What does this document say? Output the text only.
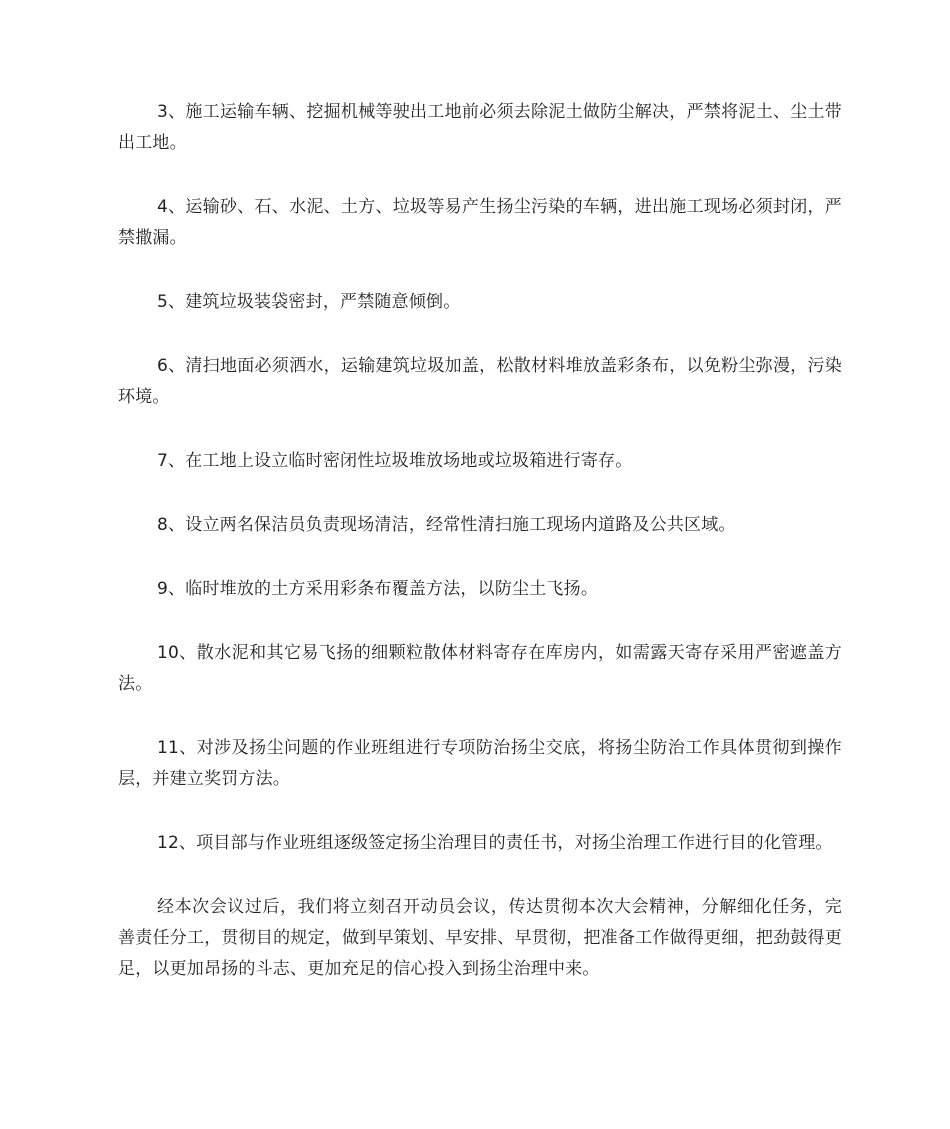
3、施工运输车辆、挖掘机械等驶出工地前必须去除泥土做防尘解决，严禁将泥土、尘土带出工地。

4、运输砂、石、水泥、土方、垃圾等易产生扬尘污染的车辆，进出施工现场必须封闭，严禁撒漏。

5、建筑垃圾装袋密封，严禁随意倾倒。

6、清扫地面必须洒水，运输建筑垃圾加盖，松散材料堆放盖彩条布，以免粉尘弥漫，污染环境。

7、在工地上设立临时密闭性垃圾堆放场地或垃圾箱进行寄存。

8、设立两名保洁员负责现场清洁，经常性清扫施工现场内道路及公共区域。

9、临时堆放的土方采用彩条布覆盖方法，以防尘土飞扬。

10、散水泥和其它易飞扬的细颗粒散体材料寄存在库房内，如需露天寄存采用严密遮盖方法。

11、对涉及扬尘问题的作业班组进行专项防治扬尘交底，将扬尘防治工作具体贯彻到操作层，并建立奖罚方法。

12、项目部与作业班组逐级签定扬尘治理目的责任书，对扬尘治理工作进行目的化管理。

经本次会议过后，我们将立刻召开动员会议，传达贯彻本次大会精神，分解细化任务，完善责任分工，贯彻目的规定，做到早策划、早安排、早贯彻，把准备工作做得更细，把劲鼓得更足，以更加昂扬的斗志、更加充足的信心投入到扬尘治理中来。
